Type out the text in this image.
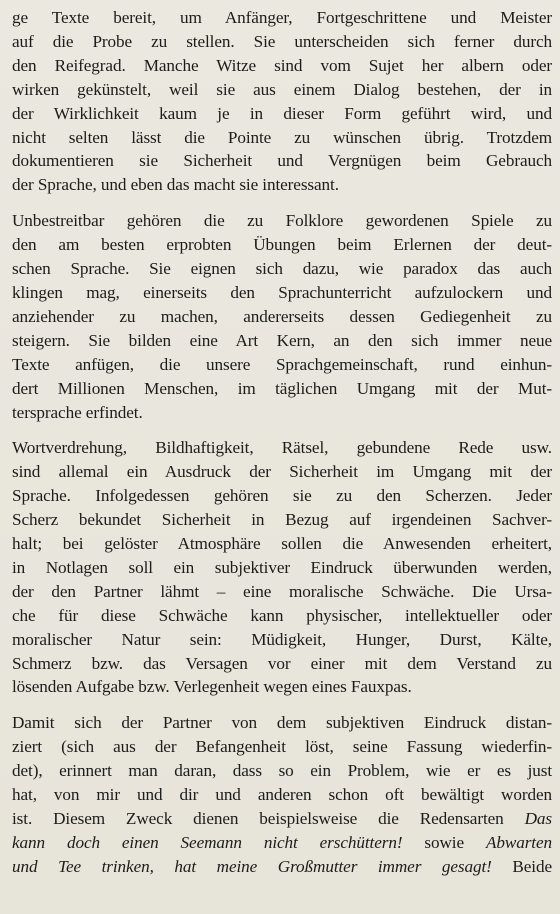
ge Texte bereit, um Anfänger, Fortgeschrittene und Meister
auf die Probe zu stellen. Sie unterscheiden sich ferner durch
den Reifegrad. Manche Witze sind vom Sujet her albern oder
wirken gekünstelt, weil sie aus einem Dialog bestehen, der in
der Wirklichkeit kaum je in dieser Form geführt wird, und
nicht selten lässt die Pointe zu wünschen übrig. Trotzdem
dokumentieren sie Sicherheit und Vergnügen beim Gebrauch
der Sprache, und eben das macht sie interessant.

Unbestreitbar gehören die zu Folklore gewordenen Spiele zu
den am besten erprobten Übungen beim Erlernen der deut-
schen Sprache. Sie eignen sich dazu, wie paradox das auch
klingen mag, einerseits den Sprachunterricht aufzulockern und
anziehender zu machen, andererseits dessen Gediegenheit zu
steigern. Sie bilden eine Art Kern, an den sich immer neue
Texte anfügen, die unsere Sprachgemeinschaft, rund einhun-
dert Millionen Menschen, im täglichen Umgang mit der Mut-
tersprache erfindet.

Wortverdrehung, Bildhaftigkeit, Rätsel, gebundene Rede usw.
sind allemal ein Ausdruck der Sicherheit im Umgang mit der
Sprache. Infolgedessen gehören sie zu den Scherzen. Jeder
Scherz bekundet Sicherheit in Bezug auf irgendeinen Sachver-
halt; bei gelöster Atmosphäre sollen die Anwesenden erheitert,
in Notlagen soll ein subjektiver Eindruck überwunden werden,
der den Partner lähmt – eine moralische Schwäche. Die Ursa-
che für diese Schwäche kann physischer, intellektueller oder
moralischer Natur sein: Müdigkeit, Hunger, Durst, Kälte,
Schmerz bzw. das Versagen vor einer mit dem Verstand zu
lösenden Aufgabe bzw. Verlegenheit wegen eines Fauxpas.

Damit sich der Partner von dem subjektiven Eindruck distan-
ziert (sich aus der Befangenheit löst, seine Fassung wiederfin-
det), erinnert man daran, dass so ein Problem, wie er es just
hat, von mir und dir und anderen schon oft bewältigt worden
ist. Diesem Zweck dienen beispielsweise die Redensarten Das
kann doch einen Seemann nicht erschüttern! sowie Abwarten
und Tee trinken, hat meine Großmutter immer gesagt! Beide
